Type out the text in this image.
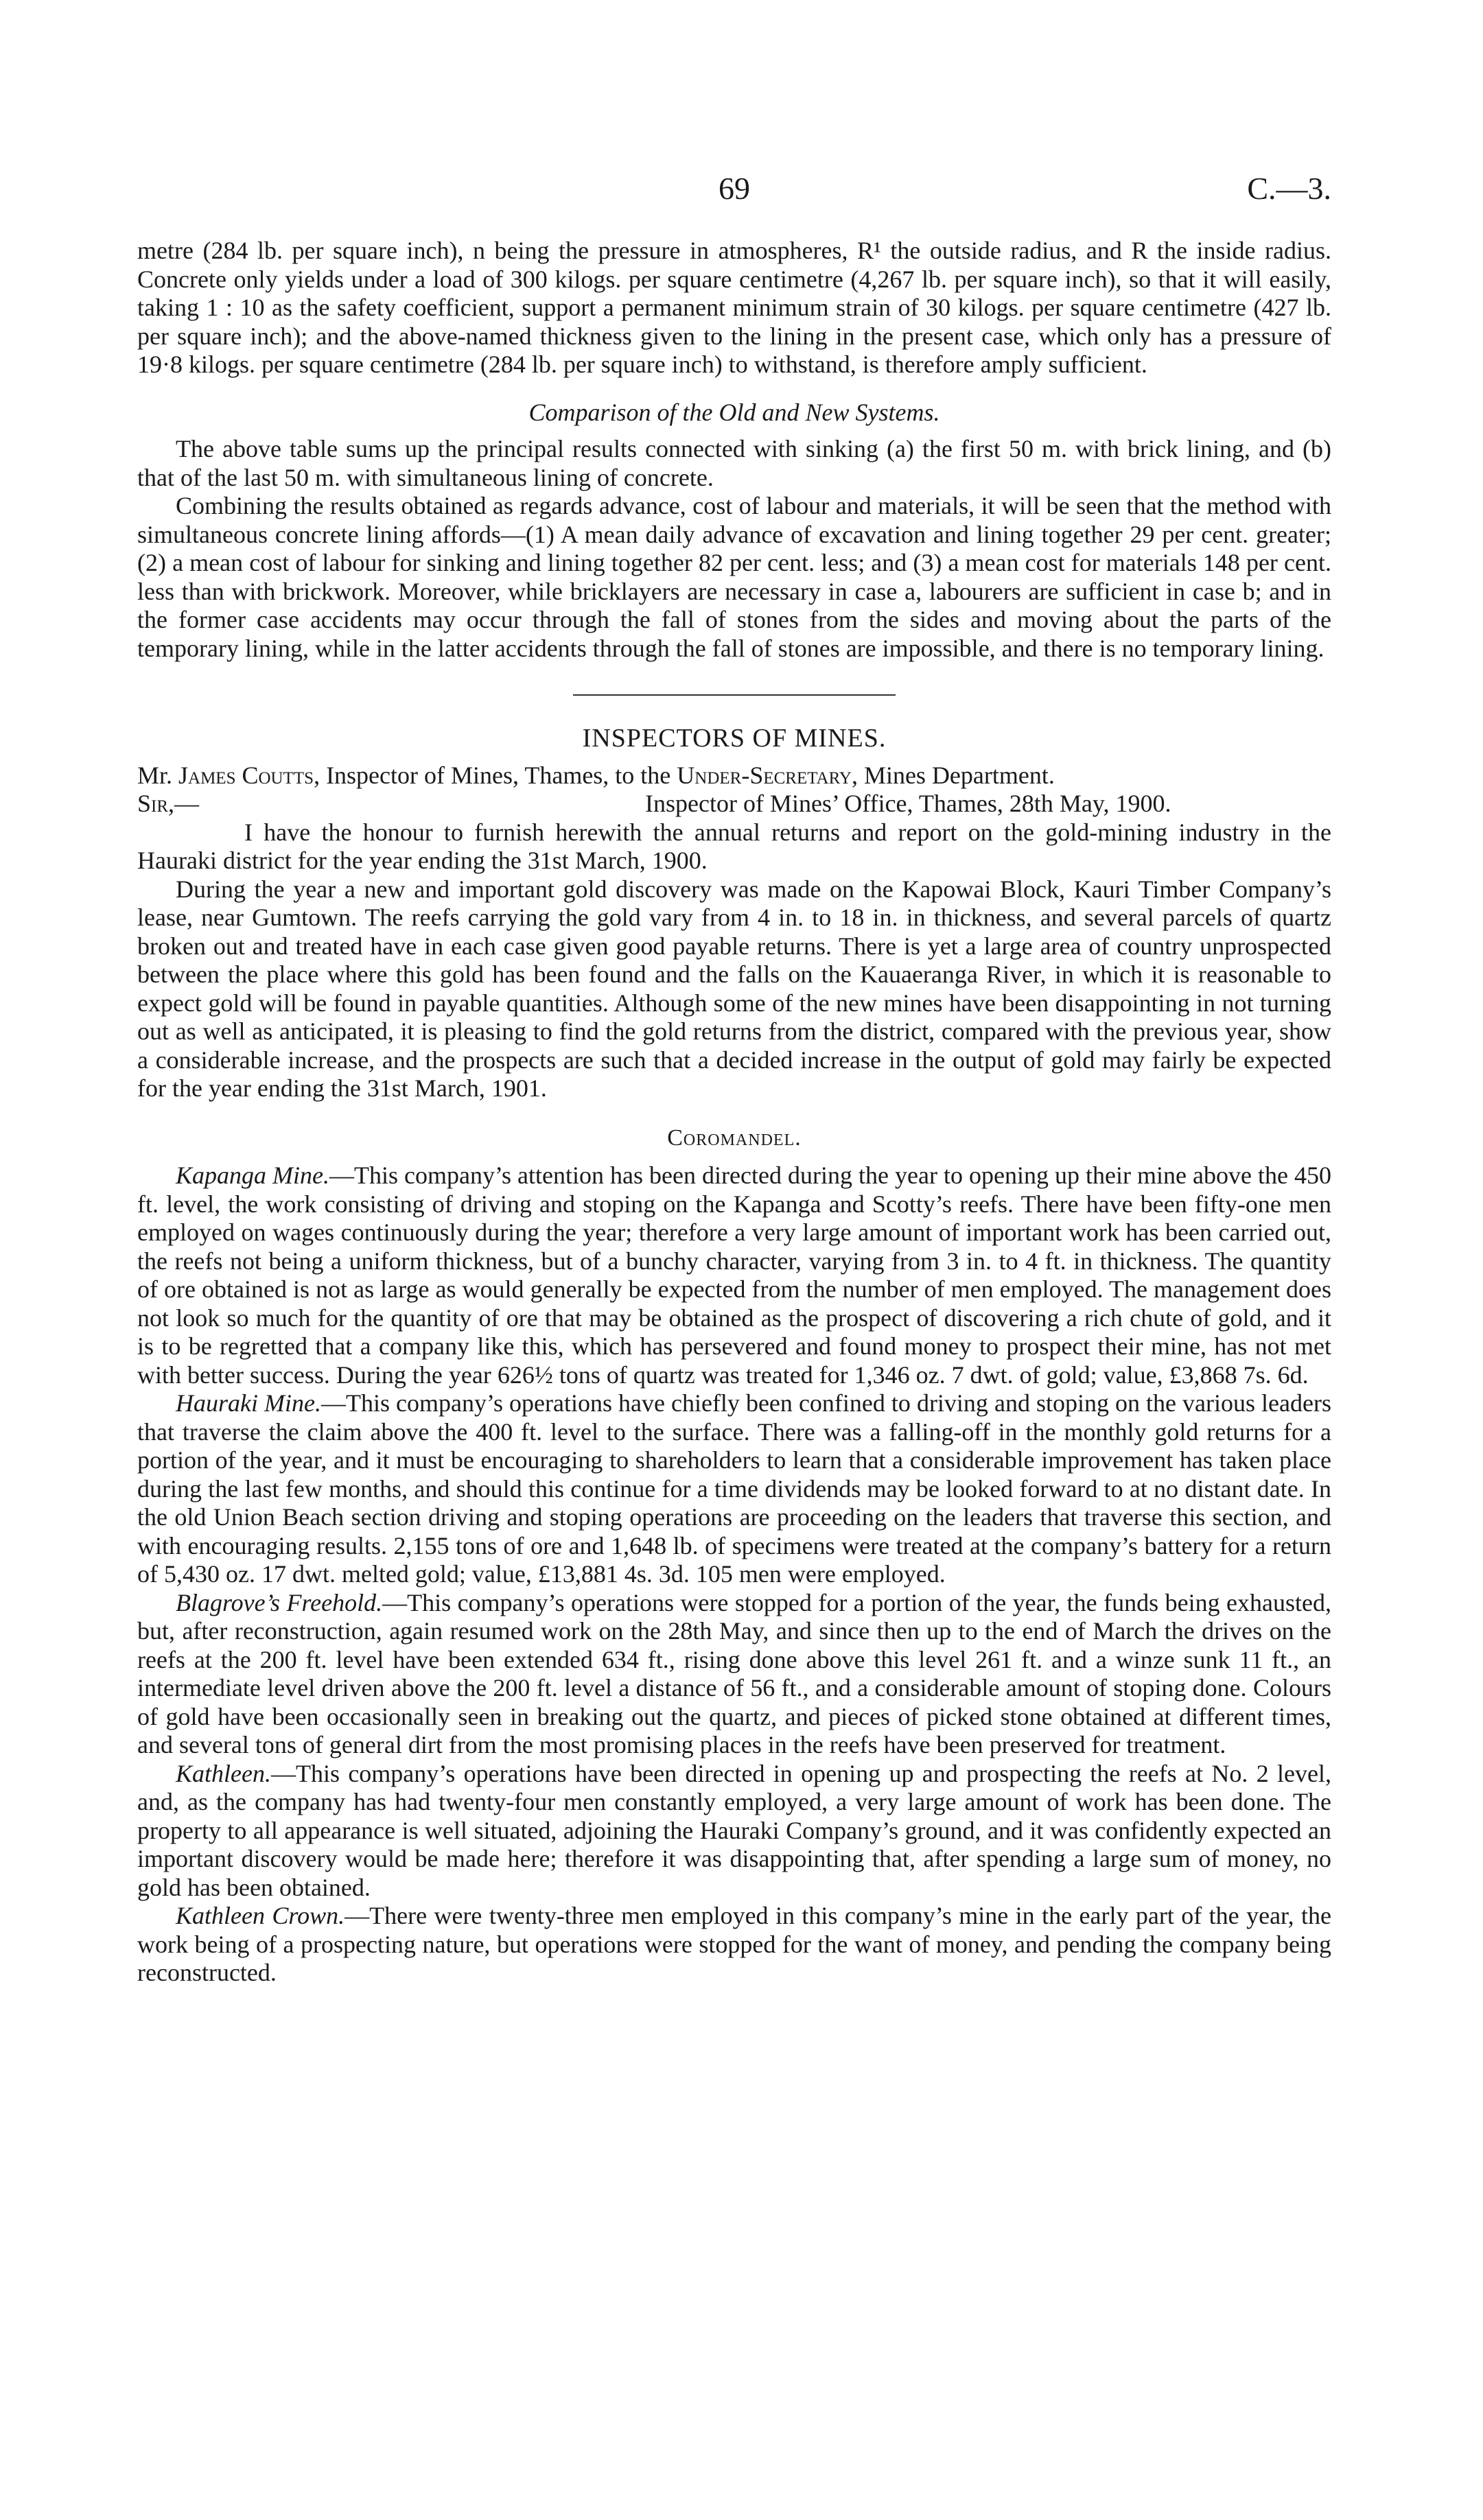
69	C.—3.

metre (284 lb. per square inch), n being the pressure in atmospheres, R¹ the outside radius, and R the inside radius. Concrete only yields under a load of 300 kilogs. per square centimetre (4,267 lb. per square inch), so that it will easily, taking 1 : 10 as the safety coefficient, support a permanent minimum strain of 30 kilogs. per square centimetre (427 lb. per square inch); and the above-named thickness given to the lining in the present case, which only has a pressure of 19·8 kilogs. per square centimetre (284 lb. per square inch) to withstand, is therefore amply sufficient.

Comparison of the Old and New Systems.

The above table sums up the principal results connected with sinking (a) the first 50 m. with brick lining, and (b) that of the last 50 m. with simultaneous lining of concrete.

Combining the results obtained as regards advance, cost of labour and materials, it will be seen that the method with simultaneous concrete lining affords—(1) A mean daily advance of excavation and lining together 29 per cent. greater; (2) a mean cost of labour for sinking and lining together 82 per cent. less; and (3) a mean cost for materials 148 per cent. less than with brickwork. Moreover, while bricklayers are necessary in case a, labourers are sufficient in case b; and in the former case accidents may occur through the fall of stones from the sides and moving about the parts of the temporary lining, while in the latter accidents through the fall of stones are impossible, and there is no temporary lining.

INSPECTORS OF MINES.

Mr. James Coutts, Inspector of Mines, Thames, to the Under-Secretary, Mines Department.

Sir,—	Inspector of Mines’ Office, Thames, 28th May, 1900.

I have the honour to furnish herewith the annual returns and report on the gold-mining industry in the Hauraki district for the year ending the 31st March, 1900.

During the year a new and important gold discovery was made on the Kapowai Block, Kauri Timber Company’s lease, near Gumtown. The reefs carrying the gold vary from 4 in. to 18 in. in thickness, and several parcels of quartz broken out and treated have in each case given good payable returns. There is yet a large area of country unprospected between the place where this gold has been found and the falls on the Kauaeranga River, in which it is reasonable to expect gold will be found in payable quantities. Although some of the new mines have been disappointing in not turning out as well as anticipated, it is pleasing to find the gold returns from the district, compared with the previous year, show a considerable increase, and the prospects are such that a decided increase in the output of gold may fairly be expected for the year ending the 31st March, 1901.

Coromandel.

Kapanga Mine.—This company’s attention has been directed during the year to opening up their mine above the 450 ft. level, the work consisting of driving and stoping on the Kapanga and Scotty’s reefs. There have been fifty-one men employed on wages continuously during the year; therefore a very large amount of important work has been carried out, the reefs not being a uniform thickness, but of a bunchy character, varying from 3 in. to 4 ft. in thickness. The quantity of ore obtained is not as large as would generally be expected from the number of men employed. The management does not look so much for the quantity of ore that may be obtained as the prospect of discovering a rich chute of gold, and it is to be regretted that a company like this, which has persevered and found money to prospect their mine, has not met with better success. During the year 626½ tons of quartz was treated for 1,346 oz. 7 dwt. of gold; value, £3,868 7s. 6d.

Hauraki Mine.—This company’s operations have chiefly been confined to driving and stoping on the various leaders that traverse the claim above the 400 ft. level to the surface. There was a falling-off in the monthly gold returns for a portion of the year, and it must be encouraging to shareholders to learn that a considerable improvement has taken place during the last few months, and should this continue for a time dividends may be looked forward to at no distant date. In the old Union Beach section driving and stoping operations are proceeding on the leaders that traverse this section, and with encouraging results. 2,155 tons of ore and 1,648 lb. of specimens were treated at the company’s battery for a return of 5,430 oz. 17 dwt. melted gold; value, £13,881 4s. 3d. 105 men were employed.

Blagrove’s Freehold.—This company’s operations were stopped for a portion of the year, the funds being exhausted, but, after reconstruction, again resumed work on the 28th May, and since then up to the end of March the drives on the reefs at the 200 ft. level have been extended 634 ft., rising done above this level 261 ft. and a winze sunk 11 ft., an intermediate level driven above the 200 ft. level a distance of 56 ft., and a considerable amount of stoping done. Colours of gold have been occasionally seen in breaking out the quartz, and pieces of picked stone obtained at different times, and several tons of general dirt from the most promising places in the reefs have been preserved for treatment.

Kathleen.—This company’s operations have been directed in opening up and prospecting the reefs at No. 2 level, and, as the company has had twenty-four men constantly employed, a very large amount of work has been done. The property to all appearance is well situated, adjoining the Hauraki Company’s ground, and it was confidently expected an important discovery would be made here; therefore it was disappointing that, after spending a large sum of money, no gold has been obtained.

Kathleen Crown.—There were twenty-three men employed in this company’s mine in the early part of the year, the work being of a prospecting nature, but operations were stopped for the want of money, and pending the company being reconstructed.
